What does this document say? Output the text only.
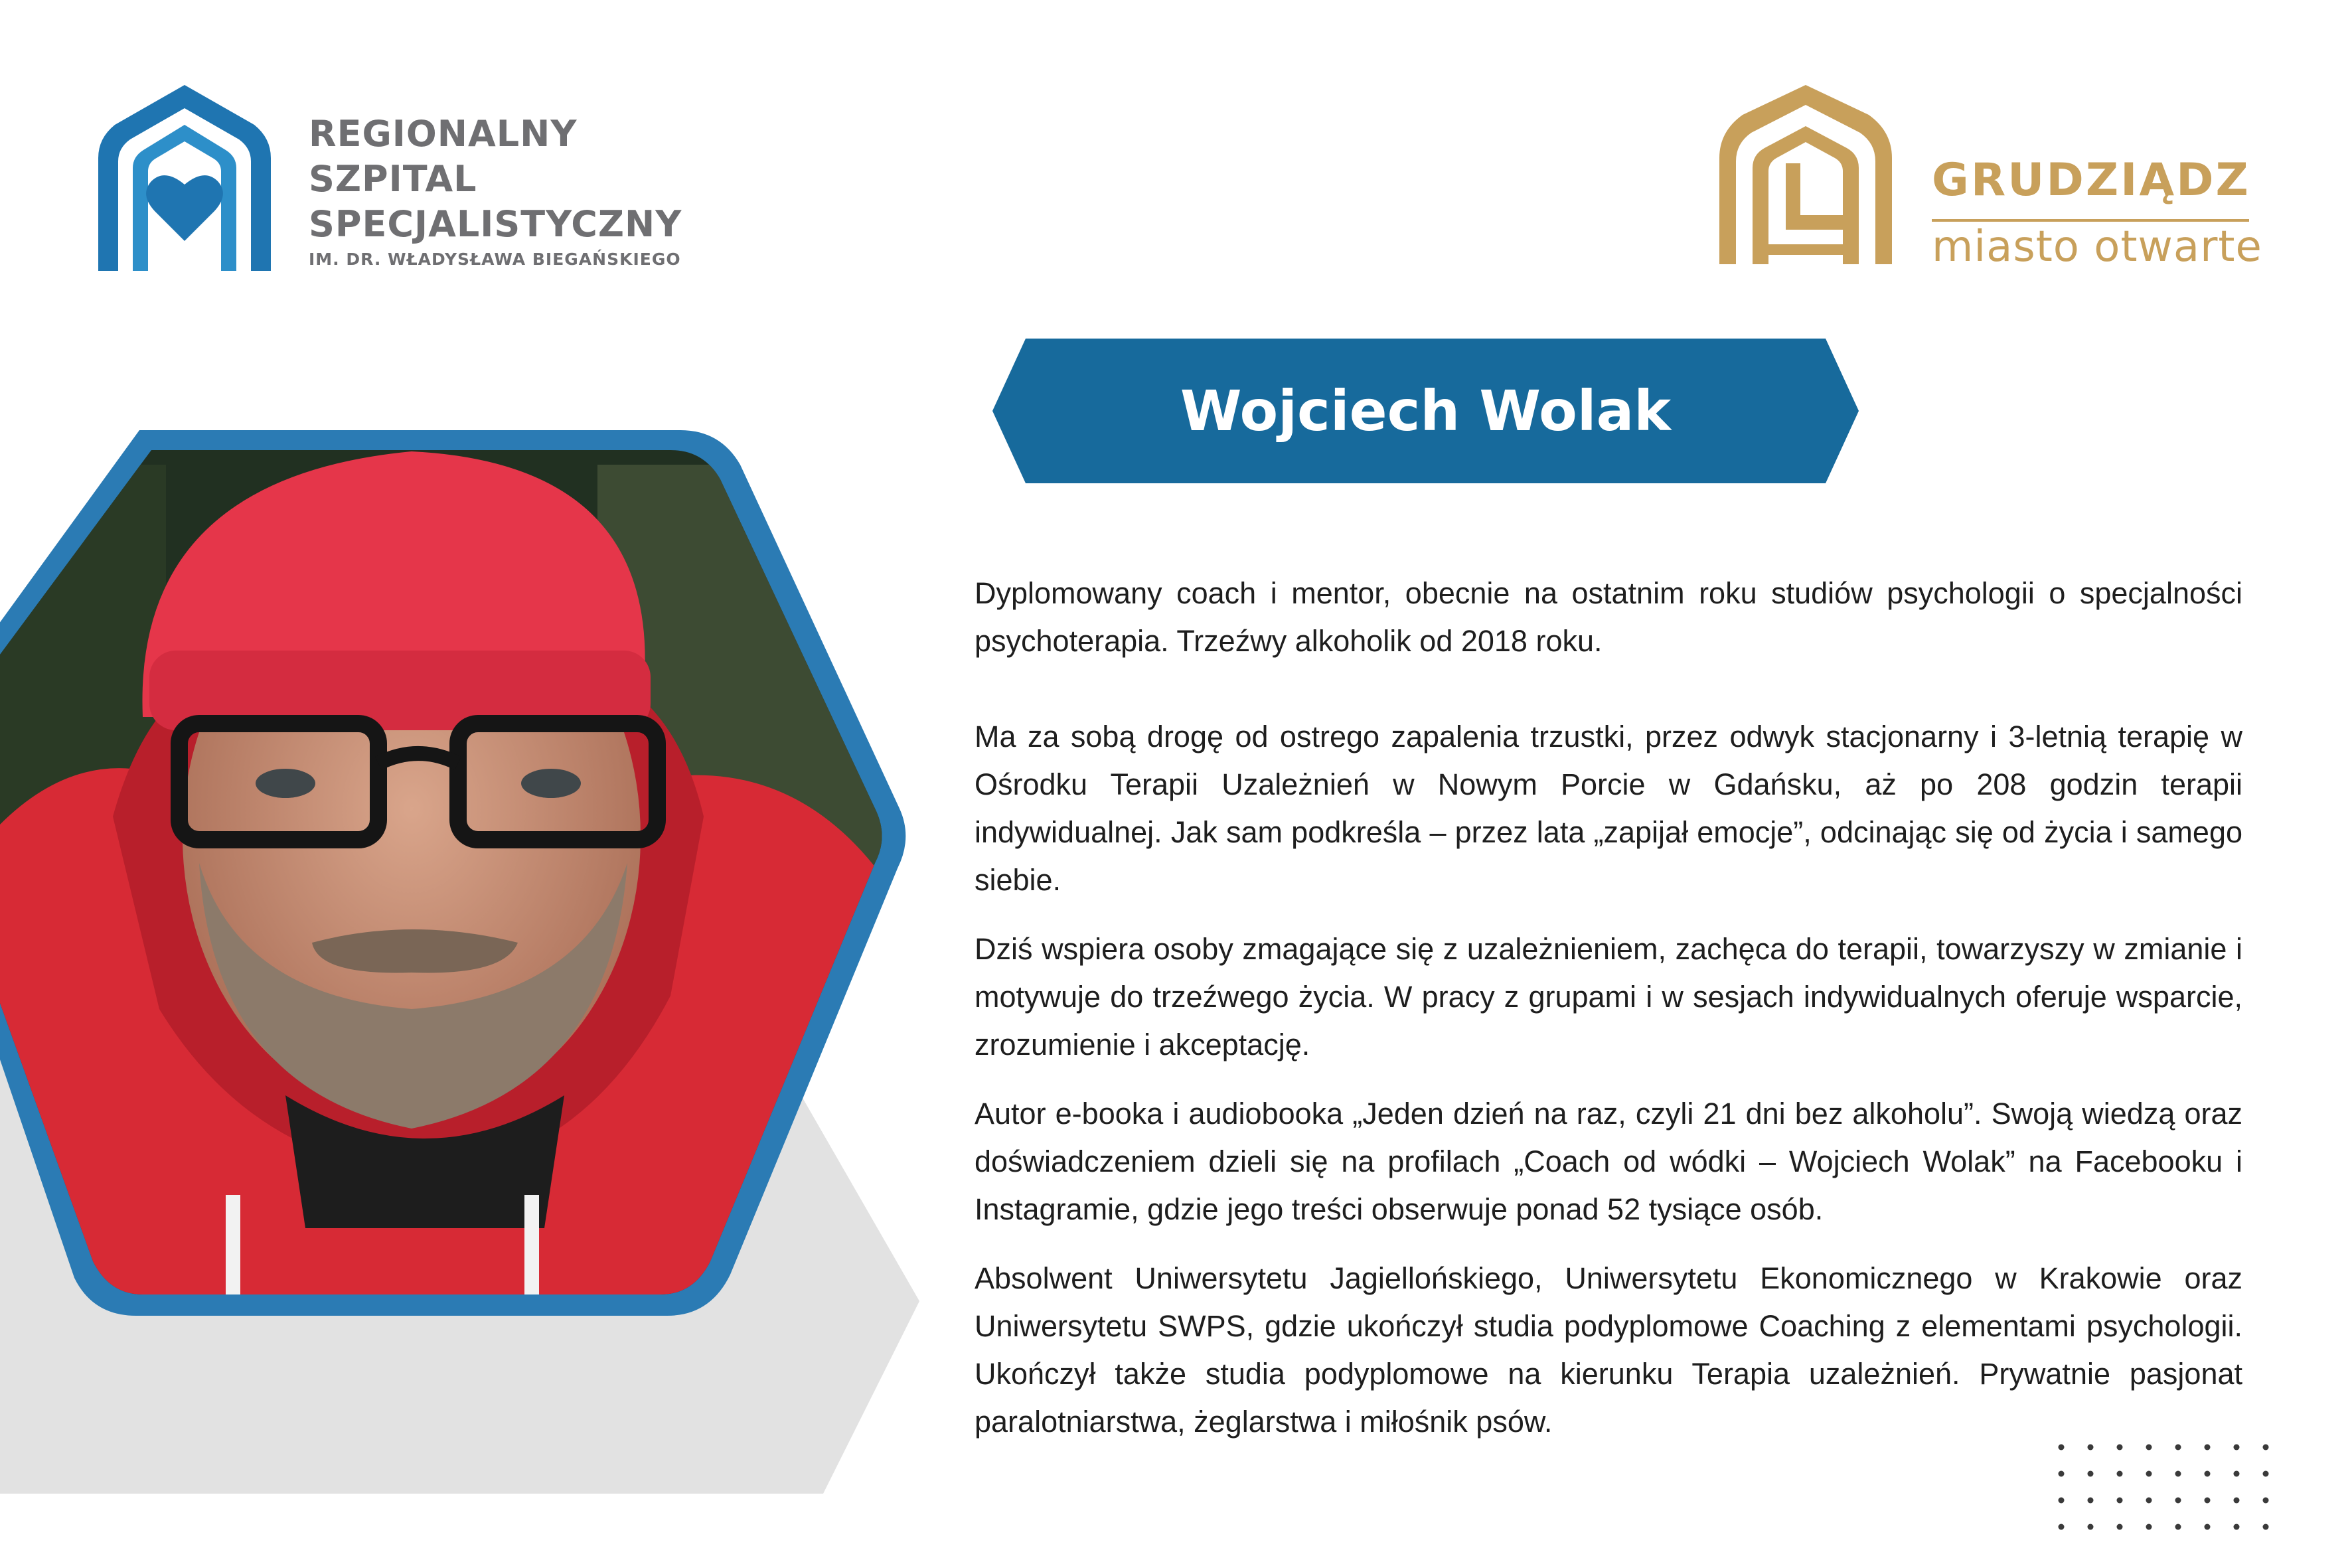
REGIONALNY
SZPITAL
SPECJALISTYCZNY
IM. DR. WŁADYSŁAWA BIEGAŃSKIEGO
GRUDZIĄDZ
miasto otwarte
Wojciech Wolak

Dyplomowany coach i mentor, obecnie na ostatnim roku studiów psychologii o specjalności psychoterapia. Trzeźwy alkoholik od 2018 roku.

Ma za sobą drogę od ostrego zapalenia trzustki, przez odwyk stacjonarny i 3-letnią terapię w Ośrodku Terapii Uzależnień w Nowym Porcie w Gdańsku, aż po 208 godzin terapii indywidualnej. Jak sam podkreśla – przez lata „zapijał emocje”, odcinając się od życia i samego siebie.

Dziś wspiera osoby zmagające się z uzależnieniem, zachęca do terapii, towarzyszy w zmianie i motywuje do trzeźwego życia. W pracy z grupami i w sesjach indywidualnych oferuje wsparcie, zrozumienie i akceptację.

Autor e-booka i audiobooka „Jeden dzień na raz, czyli 21 dni bez alkoholu”. Swoją wiedzą oraz doświadczeniem dzieli się na profilach „Coach od wódki – Wojciech Wolak” na Facebooku i Instagramie, gdzie jego treści obserwuje ponad 52 tysiące osób.

Absolwent Uniwersytetu Jagiellońskiego, Uniwersytetu Ekonomicznego w Krakowie oraz Uniwersytetu SWPS, gdzie ukończył studia podyplomowe Coaching z elementami psychologii. Ukończył także studia podyplomowe na kierunku Terapia uzależnień. Prywatnie pasjonat paralotniarstwa, żeglarstwa i miłośnik psów.
